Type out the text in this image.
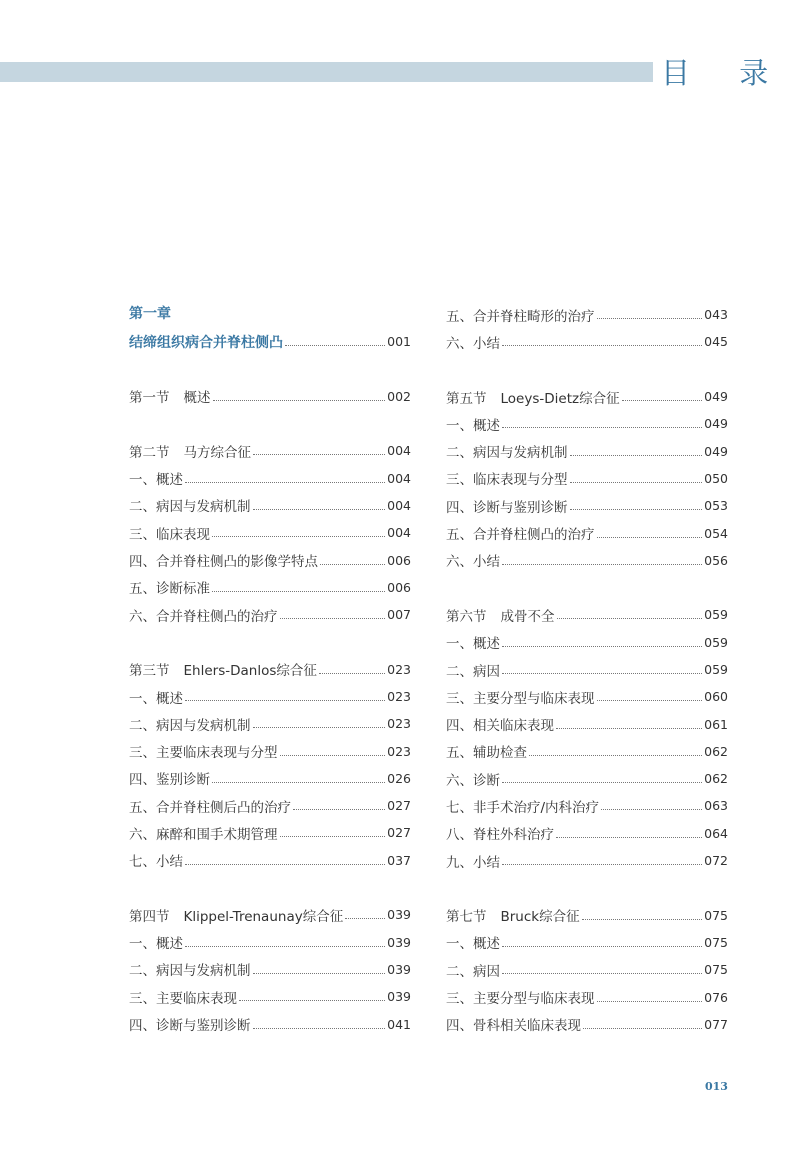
目 录
第一章
结缔组织病合并脊柱侧凸	001
第一节 概述	002
第二节 马方综合征	004
一、概述	004
二、病因与发病机制	004
三、临床表现	004
四、合并脊柱侧凸的影像学特点	006
五、诊断标准	006
六、合并脊柱侧凸的治疗	007
第三节 Ehlers-Danlos综合征	023
一、概述	023
二、病因与发病机制	023
三、主要临床表现与分型	023
四、鉴别诊断	026
五、合并脊柱侧后凸的治疗	027
六、麻醉和围手术期管理	027
七、小结	037
第四节 Klippel-Trenaunay综合征	039
一、概述	039
二、病因与发病机制	039
三、主要临床表现	039
四、诊断与鉴别诊断	041
五、合并脊柱畸形的治疗	043
六、小结	045
第五节 Loeys-Dietz综合征	049
一、概述	049
二、病因与发病机制	049
三、临床表现与分型	050
四、诊断与鉴别诊断	053
五、合并脊柱侧凸的治疗	054
六、小结	056
第六节 成骨不全	059
一、概述	059
二、病因	059
三、主要分型与临床表现	060
四、相关临床表现	061
五、辅助检查	062
六、诊断	062
七、非手术治疗/内科治疗	063
八、脊柱外科治疗	064
九、小结	072
第七节 Bruck综合征	075
一、概述	075
二、病因	075
三、主要分型与临床表现	076
四、骨科相关临床表现	077
013
